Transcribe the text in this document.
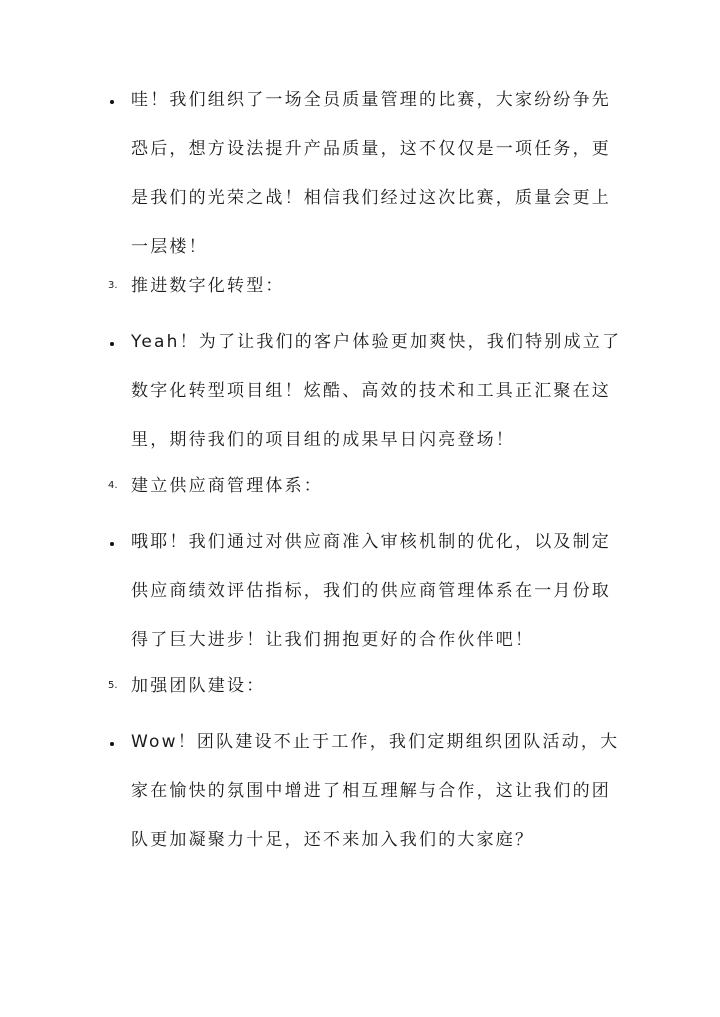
哇！我们组织了一场全员质量管理的比赛，大家纷纷争先恐后，想方设法提升产品质量，这不仅仅是一项任务，更是我们的光荣之战！相信我们经过这次比赛，质量会更上一层楼！
3. 推进数字化转型：
Yeah！为了让我们的客户体验更加爽快，我们特别成立了数字化转型项目组！炫酷、高效的技术和工具正汇聚在这里，期待我们的项目组的成果早日闪亮登场！
4. 建立供应商管理体系：
哦耶！我们通过对供应商准入审核机制的优化，以及制定供应商绩效评估指标，我们的供应商管理体系在一月份取得了巨大进步！让我们拥抱更好的合作伙伴吧！
5. 加强团队建设：
Wow！团队建设不止于工作，我们定期组织团队活动，大家在愉快的氛围中增进了相互理解与合作，这让我们的团队更加凝聚力十足，还不来加入我们的大家庭？
